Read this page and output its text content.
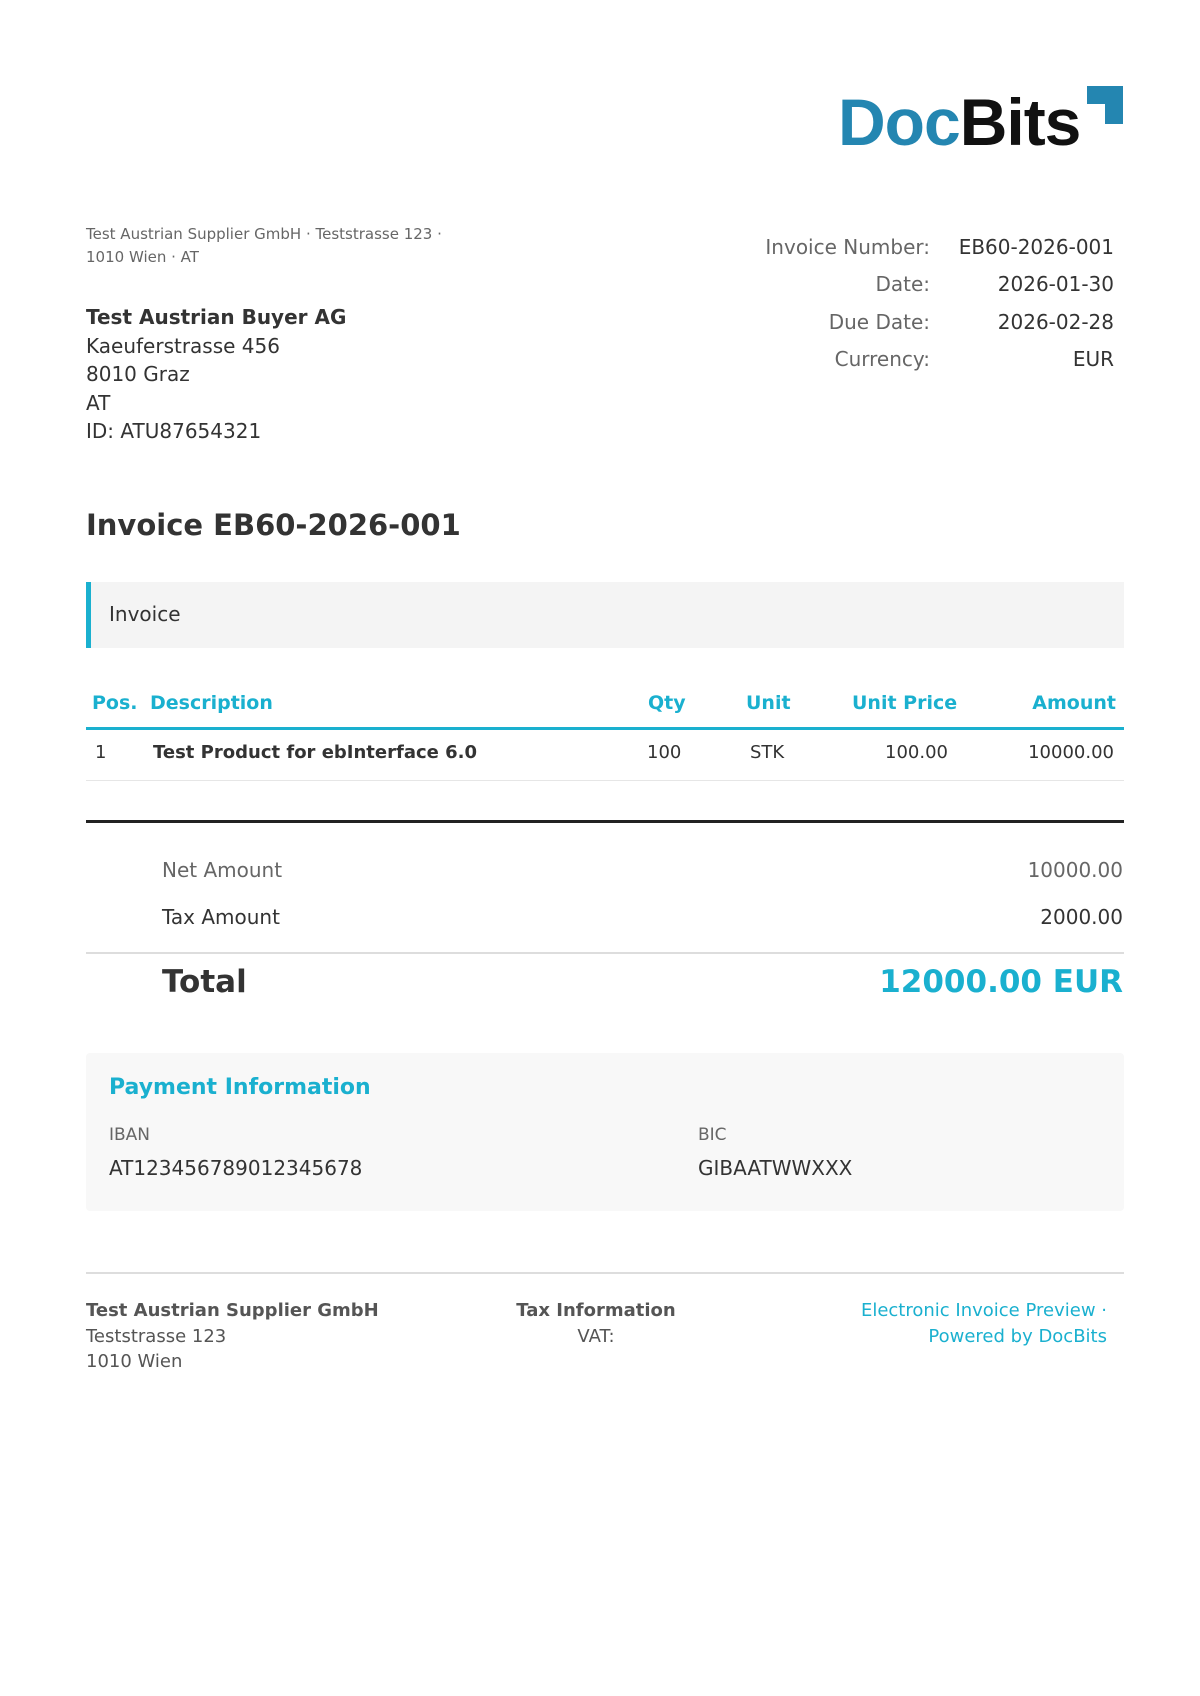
DocBits
Test Austrian Supplier GmbH · Teststrasse 123 ·
1010 Wien · AT
Test Austrian Buyer AG
Kaeuferstrasse 456
8010 Graz
AT
ID: ATU87654321
Invoice Number:	EB60-2026-001
Date:	2026-01-30
Due Date:	2026-02-28
Currency:	EUR
Invoice EB60-2026-001
Invoice
Pos. Description	Qty	Unit	Unit Price	Amount
1	Test Product for ebInterface 6.0	100	STK	100.00	10000.00
Net Amount	10000.00
Tax Amount	2000.00
Total	12000.00 EUR
Payment Information
IBAN
AT123456789012345678
BIC
GIBAATWWXXX
Test Austrian Supplier GmbH
Teststrasse 123
1010 Wien
Tax Information
VAT:
Electronic Invoice Preview ·
Powered by DocBits
